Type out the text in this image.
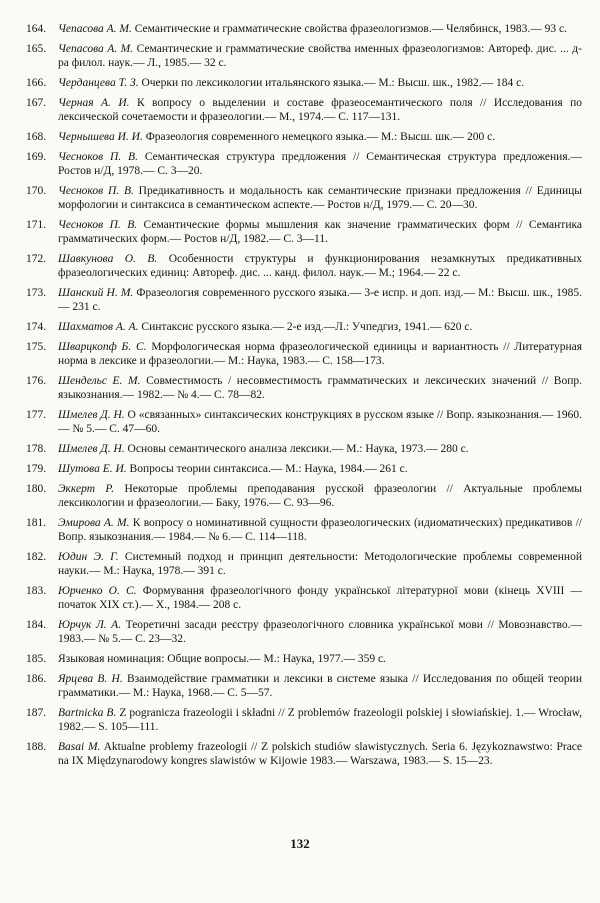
164.	Чепасова А. М. Семантические и грамматические свойства фразеологизмов.— Челябинск, 1983.— 93 с.
165.	Чепасова А. М. Семантические и грамматические свойства именных фразеологизмов: Автореф. дис. ... д-ра филол. наук.— Л., 1985.— 32 с.
166.	Черданцева Т. З. Очерки по лексикологии итальянского языка.— М.: Высш. шк., 1982.— 184 с.
167.	Черная А. И. К вопросу о выделении и составе фразеосемантического поля // Исследования по лексической сочетаемости и фразеологии.— М., 1974.— С. 117—131.
168.	Чернышева И. И. Фразеология современного немецкого языка.— М.: Высш. шк.— 200 с.
169.	Чесноков П. В. Семантическая структура предложения // Семантическая структура предложения.— Ростов н/Д, 1978.— С. 3—20.
170.	Чесноков П. В. Предикативность и модальность как семантические признаки предложения // Единицы морфологии и синтаксиса в семантическом аспекте.— Ростов н/Д, 1979.— С. 20—30.
171.	Чесноков П. В. Семантические формы мышления как значение грамматических форм // Семантика грамматических форм.— Ростов н/Д, 1982.— С. 3—11.
172.	Шавкунова О. В. Особенности структуры и функционирования незамкнутых предикативных фразеологических единиц: Автореф. дис. ... канд. филол. наук.— М.; 1964.— 22 с.
173.	Шанский Н. М. Фразеология современного русского языка.— 3-е испр. и доп. изд.— М.: Высш. шк., 1985.— 231 с.
174.	Шахматов А. А. Синтаксис русского языка.— 2-е изд.—Л.: Учпедгиз, 1941.— 620 с.
175.	Шварцкопф Б. С. Морфологическая норма фразеологической единицы и вариантность // Литературная норма в лексике и фразеологии.— М.: Наука, 1983.— С. 158—173.
176.	Шендельс Е. М. Совместимость / несовместимость грамматических и лексических значений // Вопр. языкознания.— 1982.— № 4.— С. 78—82.
177.	Шмелев Д. Н. О «связанных» синтаксических конструкциях в русском языке // Вопр. языкознания.— 1960.— № 5.— С. 47—60.
178.	Шмелев Д. Н. Основы семантического анализа лексики.— М.: Наука, 1973.— 280 с.
179.	Шутова Е. И. Вопросы теории синтаксиса.— М.: Наука, 1984.— 261 с.
180.	Эккерт Р. Некоторые проблемы преподавания русской фразеологии // Актуальные проблемы лексикологии и фразеологии.— Баку, 1976.— С. 93—96.
181.	Эмирова А. М. К вопросу о номинативной сущности фразеологических (идиоматических) предикативов // Вопр. языкознания.— 1984.— № 6.— С. 114—118.
182.	Юдин Э. Г. Системный подход и принцип деятельности: Методологические проблемы современной науки.— М.: Наука, 1978.— 391 с.
183.	Юрченко О. С. Формування фразеологічного фонду української літературної мови (кінець XVIII — початок XIX ст.).— Х., 1984.— 208 с.
184.	Юрчук Л. А. Теоретичні засади реєстру фразеологічного словника української мови // Мовознавство.— 1983.— № 5.— С. 23—32.
185.	Языковая номинация: Общие вопросы.— М.: Наука, 1977.— 359 с.
186.	Ярцева В. Н. Взаимодействие грамматики и лексики в системе языка // Исследования по общей теории грамматики.— М.: Наука, 1968.— С. 5—57.
187.	Bartnicka B. Z pogranicza frazeologii i składni // Z problemów frazeologii polskiej i słowiańskiej. 1.— Wrocław, 1982.— S. 105—111.
188.	Basai M. Aktualne problemy frazeologii // Z polskich studiów slawistycznych. Seria 6. Językoznawstwo: Prace na IX Międzynarodowy kongres slawistów w Kijowie 1983.— Warszawa, 1983.— S. 15—23.
132
